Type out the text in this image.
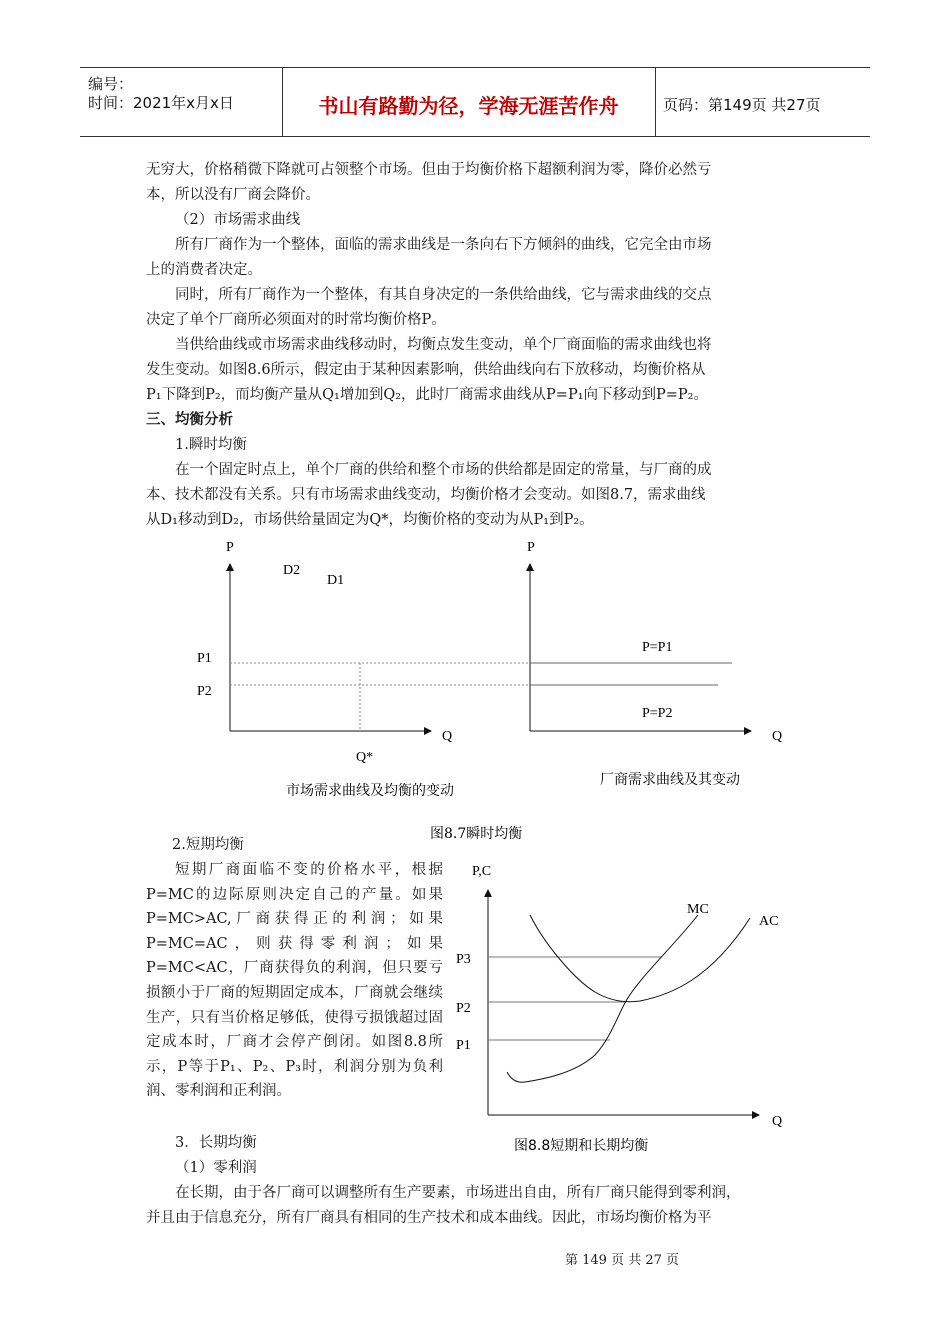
编号：
时间：2021年x月x日	书山有路勤为径，学海无涯苦作舟	页码：第149页 共27页
无穷大，价格稍微下降就可占领整个市场。但由于均衡价格下超额利润为零，降价必然亏
本，所以没有厂商会降价。
（2）市场需求曲线
所有厂商作为一个整体，面临的需求曲线是一条向右下方倾斜的曲线，它完全由市场
上的消费者决定。
同时，所有厂商作为一个整体，有其自身决定的一条供给曲线，它与需求曲线的交点
决定了单个厂商所必须面对的时常均衡价格P。
当供给曲线或市场需求曲线移动时，均衡点发生变动，单个厂商面临的需求曲线也将
发生变动。如图8.6所示，假定由于某种因素影响，供给曲线向右下放移动，均衡价格从
P₁下降到P₂，而均衡产量从Q₁增加到Q₂，此时厂商需求曲线从P=P₁向下移动到P=P₂。
三、均衡分析
1.瞬时均衡
在一个固定时点上，单个厂商的供给和整个市场的供给都是固定的常量，与厂商的成
本、技术都没有关系。只有市场需求曲线变动，均衡价格才会变动。如图8.7，需求曲线
从D₁移动到D₂，市场供给量固定为Q*，均衡价格的变动为从P₁到P₂。
P
Q
D2
D1
P1
P2
Q*
市场需求曲线及均衡的变动
P
Q
P=P1
P=P2
厂商需求曲线及其变动
图8.7瞬时均衡
2.短期均衡
短期厂商面临不变的价格水平，根据P=MC的边际原则决定自己的产量。如果P=MC>AC,厂商获得正的利润；如果P=MC=AC，则获得零利润；如果P=MC<AC，厂商获得负的利润，但只要亏损额小于厂商的短期固定成本，厂商就会继续生产，只有当价格足够低，使得亏损饿超过固定成本时，厂商才会停产倒闭。如图8.8所示，P等于P₁、P₂、P₃时，利润分别为负利润、零利润和正利润。
3．长期均衡
（1）零利润
在长期，由于各厂商可以调整所有生产要素，市场进出自由，所有厂商只能得到零利润，
并且由于信息充分，所有厂商具有相同的生产技术和成本曲线。因此，市场均衡价格为平
P,C
Q
MC
AC
P3
P2
P1
图8.8短期和长期均衡
第 149 页 共 27 页
